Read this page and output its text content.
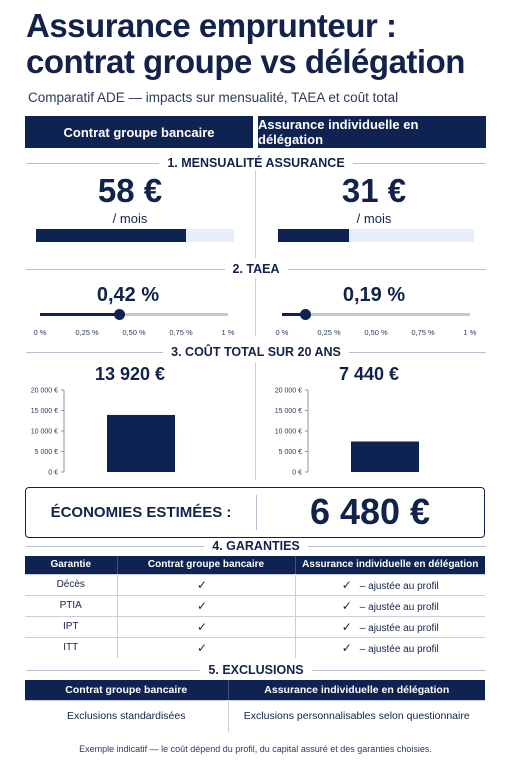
Assurance emprunteur : contrat groupe vs délégation
Comparatif ADE — impacts sur mensualité, TAEA et coût total
Contrat groupe bancaire	Assurance individuelle en délégation
1. MENSUALITÉ ASSURANCE
58 €	31 €
/ mois	/ mois
2. TAEA
0,42 %	0,19 %
0 %	0,25 %	0,50 %	0,75 %	1 %	0 %	0,25 %	0,50 %	0,75 %	1 %
3. COÛT TOTAL SUR 20 ANS
13 920 €	7 440 €
0 €
5 000 €
10 000 €
15 000 €
20 000 €
0 €
5 000 €
10 000 €
15 000 €
20 000 €
ÉCONOMIES ESTIMÉES :	6 480 €
4. GARANTIES
Garantie	Contrat groupe bancaire	Assurance individuelle en délégation
Décès	✓	✓ – ajustée au profil
PTIA	✓	✓ – ajustée au profil
IPT	✓	✓ – ajustée au profil
ITT	✓	✓ – ajustée au profil
5. EXCLUSIONS
Contrat groupe bancaire	Assurance individuelle en délégation
Exclusions standardisées	Exclusions personnalisables selon questionnaire
Exemple indicatif — le coût dépend du profil, du capital assuré et des garanties choisies.
